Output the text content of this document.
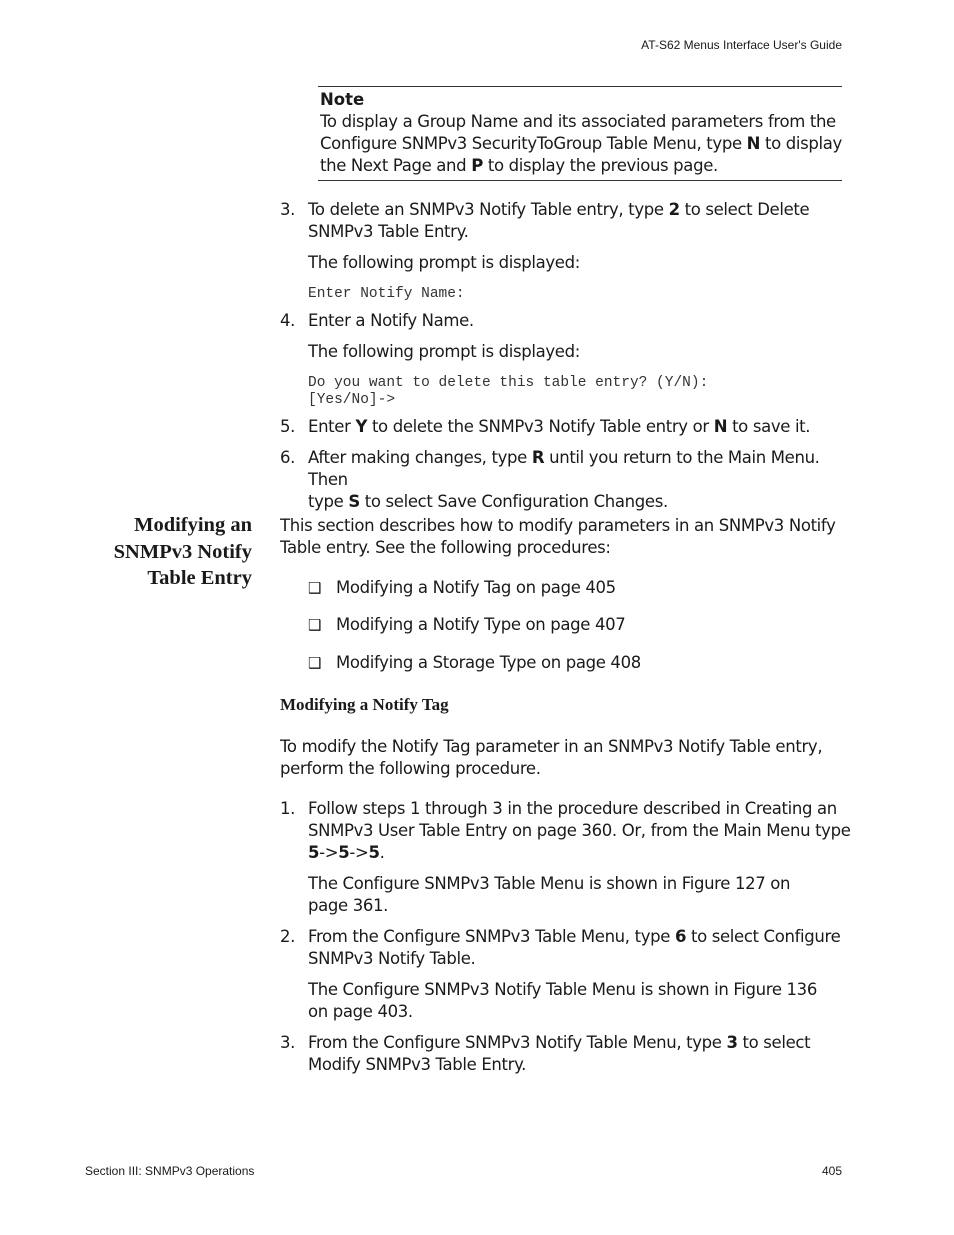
AT-S62 Menus Interface User's Guide
Section III: SNMPv3 Operations	405
Note
To display a Group Name and its associated parameters from the
Configure SNMPv3 SecurityToGroup Table Menu, type N to display
the Next Page and P to display the previous page.
3. To delete an SNMPv3 Notify Table entry, type 2 to select Delete
SNMPv3 Table Entry.
The following prompt is displayed:
Enter Notify Name:
4. Enter a Notify Name.
The following prompt is displayed:
Do you want to delete this table entry? (Y/N):
[Yes/No]->
5. Enter Y to delete the SNMPv3 Notify Table entry or N to save it.
6. After making changes, type R until you return to the Main Menu. Then
type S to select Save Configuration Changes.
Modifying an
SNMPv3 Notify
Table Entry
This section describes how to modify parameters in an SNMPv3 Notify
Table entry. See the following procedures:
❑ Modifying a Notify Tag on page 405
❑ Modifying a Notify Type on page 407
❑ Modifying a Storage Type on page 408
Modifying a Notify Tag
To modify the Notify Tag parameter in an SNMPv3 Notify Table entry,
perform the following procedure.
1. Follow steps 1 through 3 in the procedure described in Creating an
SNMPv3 User Table Entry on page 360. Or, from the Main Menu type
5->5->5.
The Configure SNMPv3 Table Menu is shown in Figure 127 on
page 361.
2. From the Configure SNMPv3 Table Menu, type 6 to select Configure
SNMPv3 Notify Table.
The Configure SNMPv3 Notify Table Menu is shown in Figure 136
on page 403.
3. From the Configure SNMPv3 Notify Table Menu, type 3 to select
Modify SNMPv3 Table Entry.
